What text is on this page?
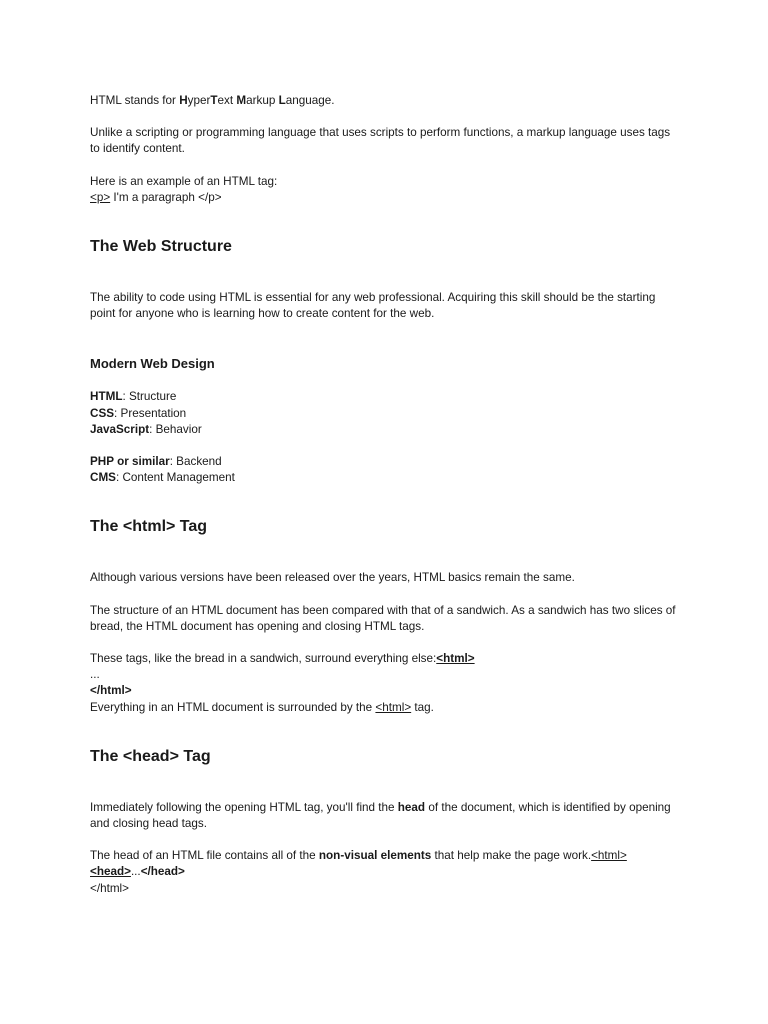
HTML stands for HyperText Markup Language.

Unlike a scripting or programming language that uses scripts to perform functions, a markup language uses tags to identify content.

Here is an example of an HTML tag:
<p> I'm a paragraph </p>

The Web Structure

The ability to code using HTML is essential for any web professional. Acquiring this skill should be the starting point for anyone who is learning how to create content for the web.

Modern Web Design

HTML: Structure
CSS: Presentation
JavaScript: Behavior

PHP or similar: Backend
CMS: Content Management

The <html> Tag

Although various versions have been released over the years, HTML basics remain the same.

The structure of an HTML document has been compared with that of a sandwich. As a sandwich has two slices of bread, the HTML document has opening and closing HTML tags.

These tags, like the bread in a sandwich, surround everything else:<html>
...
</html>
Everything in an HTML document is surrounded by the <html> tag.

The <head> Tag

Immediately following the opening HTML tag, you'll find the head of the document, which is identified by opening and closing head tags.

The head of an HTML file contains all of the non-visual elements that help make the page work.<html>
<head>...</head>
</html>
